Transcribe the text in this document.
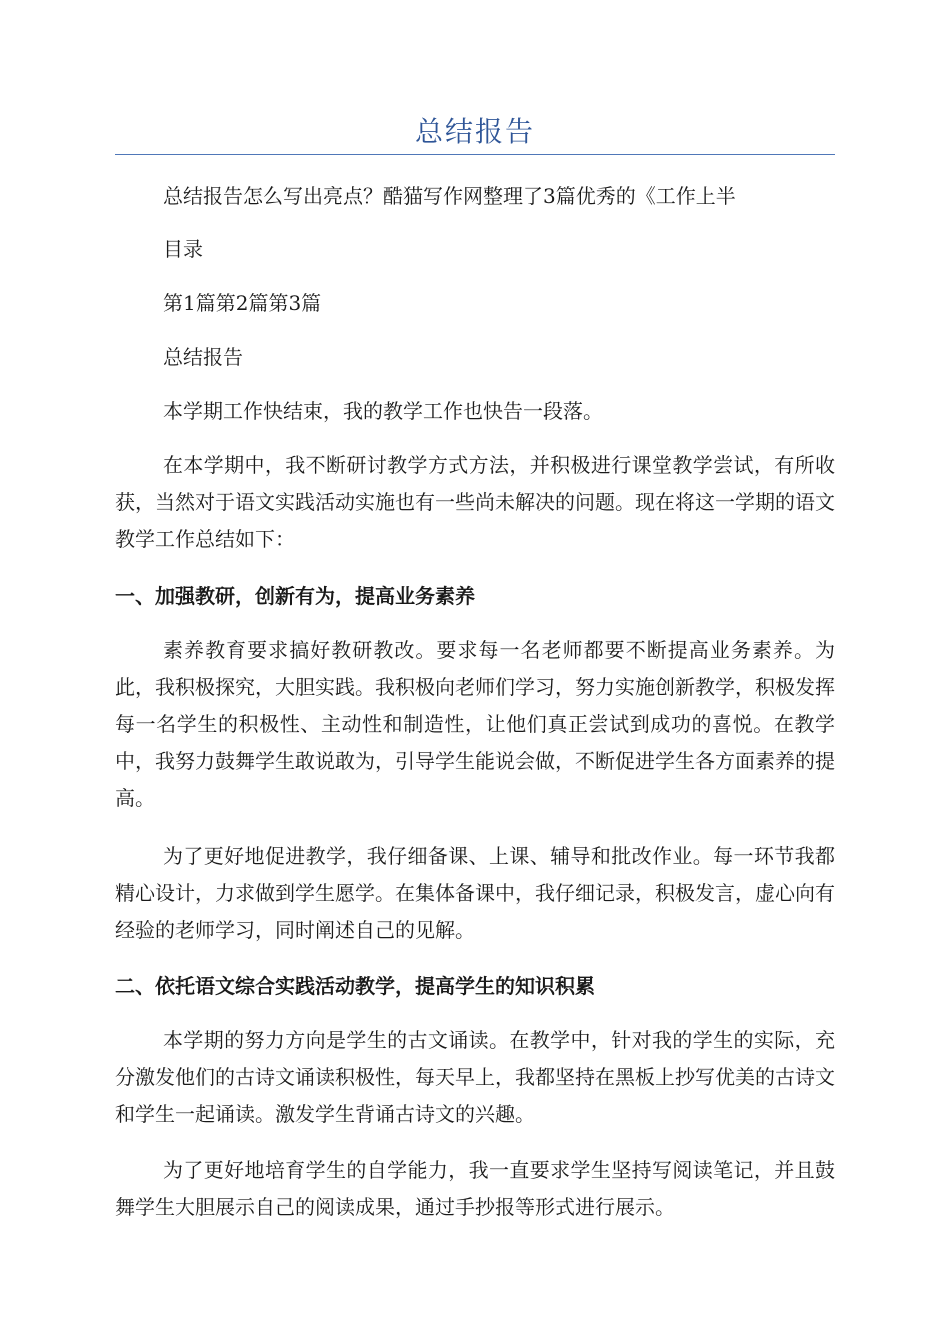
总结报告

总结报告怎么写出亮点？酷猫写作网整理了3篇优秀的《工作上半

目录

第1篇第2篇第3篇

总结报告

本学期工作快结束，我的教学工作也快告一段落。

在本学期中，我不断研讨教学方式方法，并积极进行课堂教学尝试，有所收获，当然对于语文实践活动实施也有一些尚未解决的问题。现在将这一学期的语文教学工作总结如下：

一、加强教研，创新有为，提高业务素养

素养教育要求搞好教研教改。要求每一名老师都要不断提高业务素养。为此，我积极探究，大胆实践。我积极向老师们学习，努力实施创新教学，积极发挥每一名学生的积极性、主动性和制造性，让他们真正尝试到成功的喜悦。在教学中，我努力鼓舞学生敢说敢为，引导学生能说会做，不断促进学生各方面素养的提高。

为了更好地促进教学，我仔细备课、上课、辅导和批改作业。每一环节我都精心设计，力求做到学生愿学。在集体备课中，我仔细记录，积极发言，虚心向有经验的老师学习，同时阐述自己的见解。

二、依托语文综合实践活动教学，提高学生的知识积累

本学期的努力方向是学生的古文诵读。在教学中，针对我的学生的实际，充分激发他们的古诗文诵读积极性，每天早上，我都坚持在黑板上抄写优美的古诗文和学生一起诵读。激发学生背诵古诗文的兴趣。

为了更好地培育学生的自学能力，我一直要求学生坚持写阅读笔记，并且鼓舞学生大胆展示自己的阅读成果，通过手抄报等形式进行展示。
